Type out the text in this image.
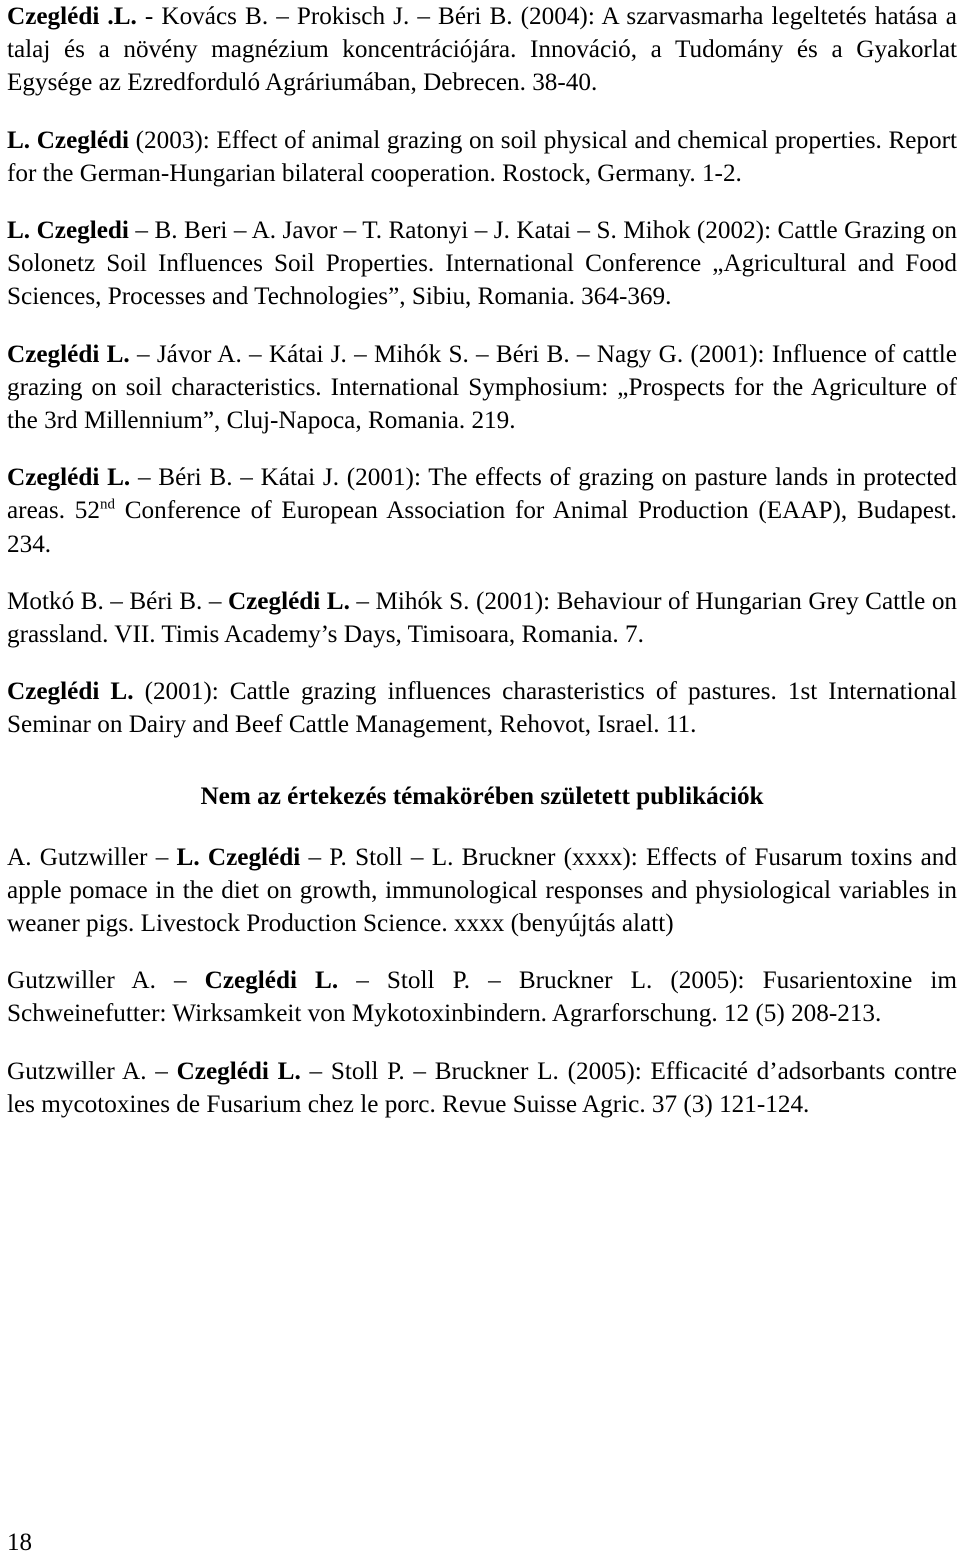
Czeglédi .L. - Kovács B. – Prokisch J. – Béri B. (2004): A szarvasmarha legeltetés hatása a talaj és a növény magnézium koncentrációjára. Innováció, a Tudomány és a Gyakorlat Egysége az Ezredforduló Agráriumában, Debrecen. 38-40.

L. Czeglédi (2003): Effect of animal grazing on soil physical and chemical properties. Report for the German-Hungarian bilateral cooperation. Rostock, Germany. 1-2.

L. Czegledi – B. Beri – A. Javor – T. Ratonyi – J. Katai – S. Mihok (2002): Cattle Grazing on Solonetz Soil Influences Soil Properties. International Conference „Agricultural and Food Sciences, Processes and Technologies”, Sibiu, Romania. 364-369.

Czeglédi L. – Jávor A. – Kátai J. – Mihók S. – Béri B. – Nagy G. (2001): Influence of cattle grazing on soil characteristics. International Symphosium: „Prospects for the Agriculture of the 3rd Millennium”, Cluj-Napoca, Romania. 219.

Czeglédi L. – Béri B. – Kátai J. (2001): The effects of grazing on pasture lands in protected areas. 52nd Conference of European Association for Animal Production (EAAP), Budapest. 234.

Motkó B. – Béri B. – Czeglédi L. – Mihók S. (2001): Behaviour of Hungarian Grey Cattle on grassland. VII. Timis Academy’s Days, Timisoara, Romania. 7.

Czeglédi L. (2001): Cattle grazing influences charasteristics of pastures. 1st International Seminar on Dairy and Beef Cattle Management, Rehovot, Israel. 11.

Nem az értekezés témakörében született publikációk

A. Gutzwiller – L. Czeglédi – P. Stoll – L. Bruckner (xxxx): Effects of Fusarum toxins and apple pomace in the diet on growth, immunological responses and physiological variables in weaner pigs. Livestock Production Science. xxxx (benyújtás alatt)

Gutzwiller A. – Czeglédi L. – Stoll P. – Bruckner L. (2005): Fusarientoxine im Schweinefutter: Wirksamkeit von Mykotoxinbindern. Agrarforschung. 12 (5) 208-213.

Gutzwiller A. – Czeglédi L. – Stoll P. – Bruckner L. (2005): Efficacité d’adsorbants contre les mycotoxines de Fusarium chez le porc. Revue Suisse Agric. 37 (3) 121-124.

18
